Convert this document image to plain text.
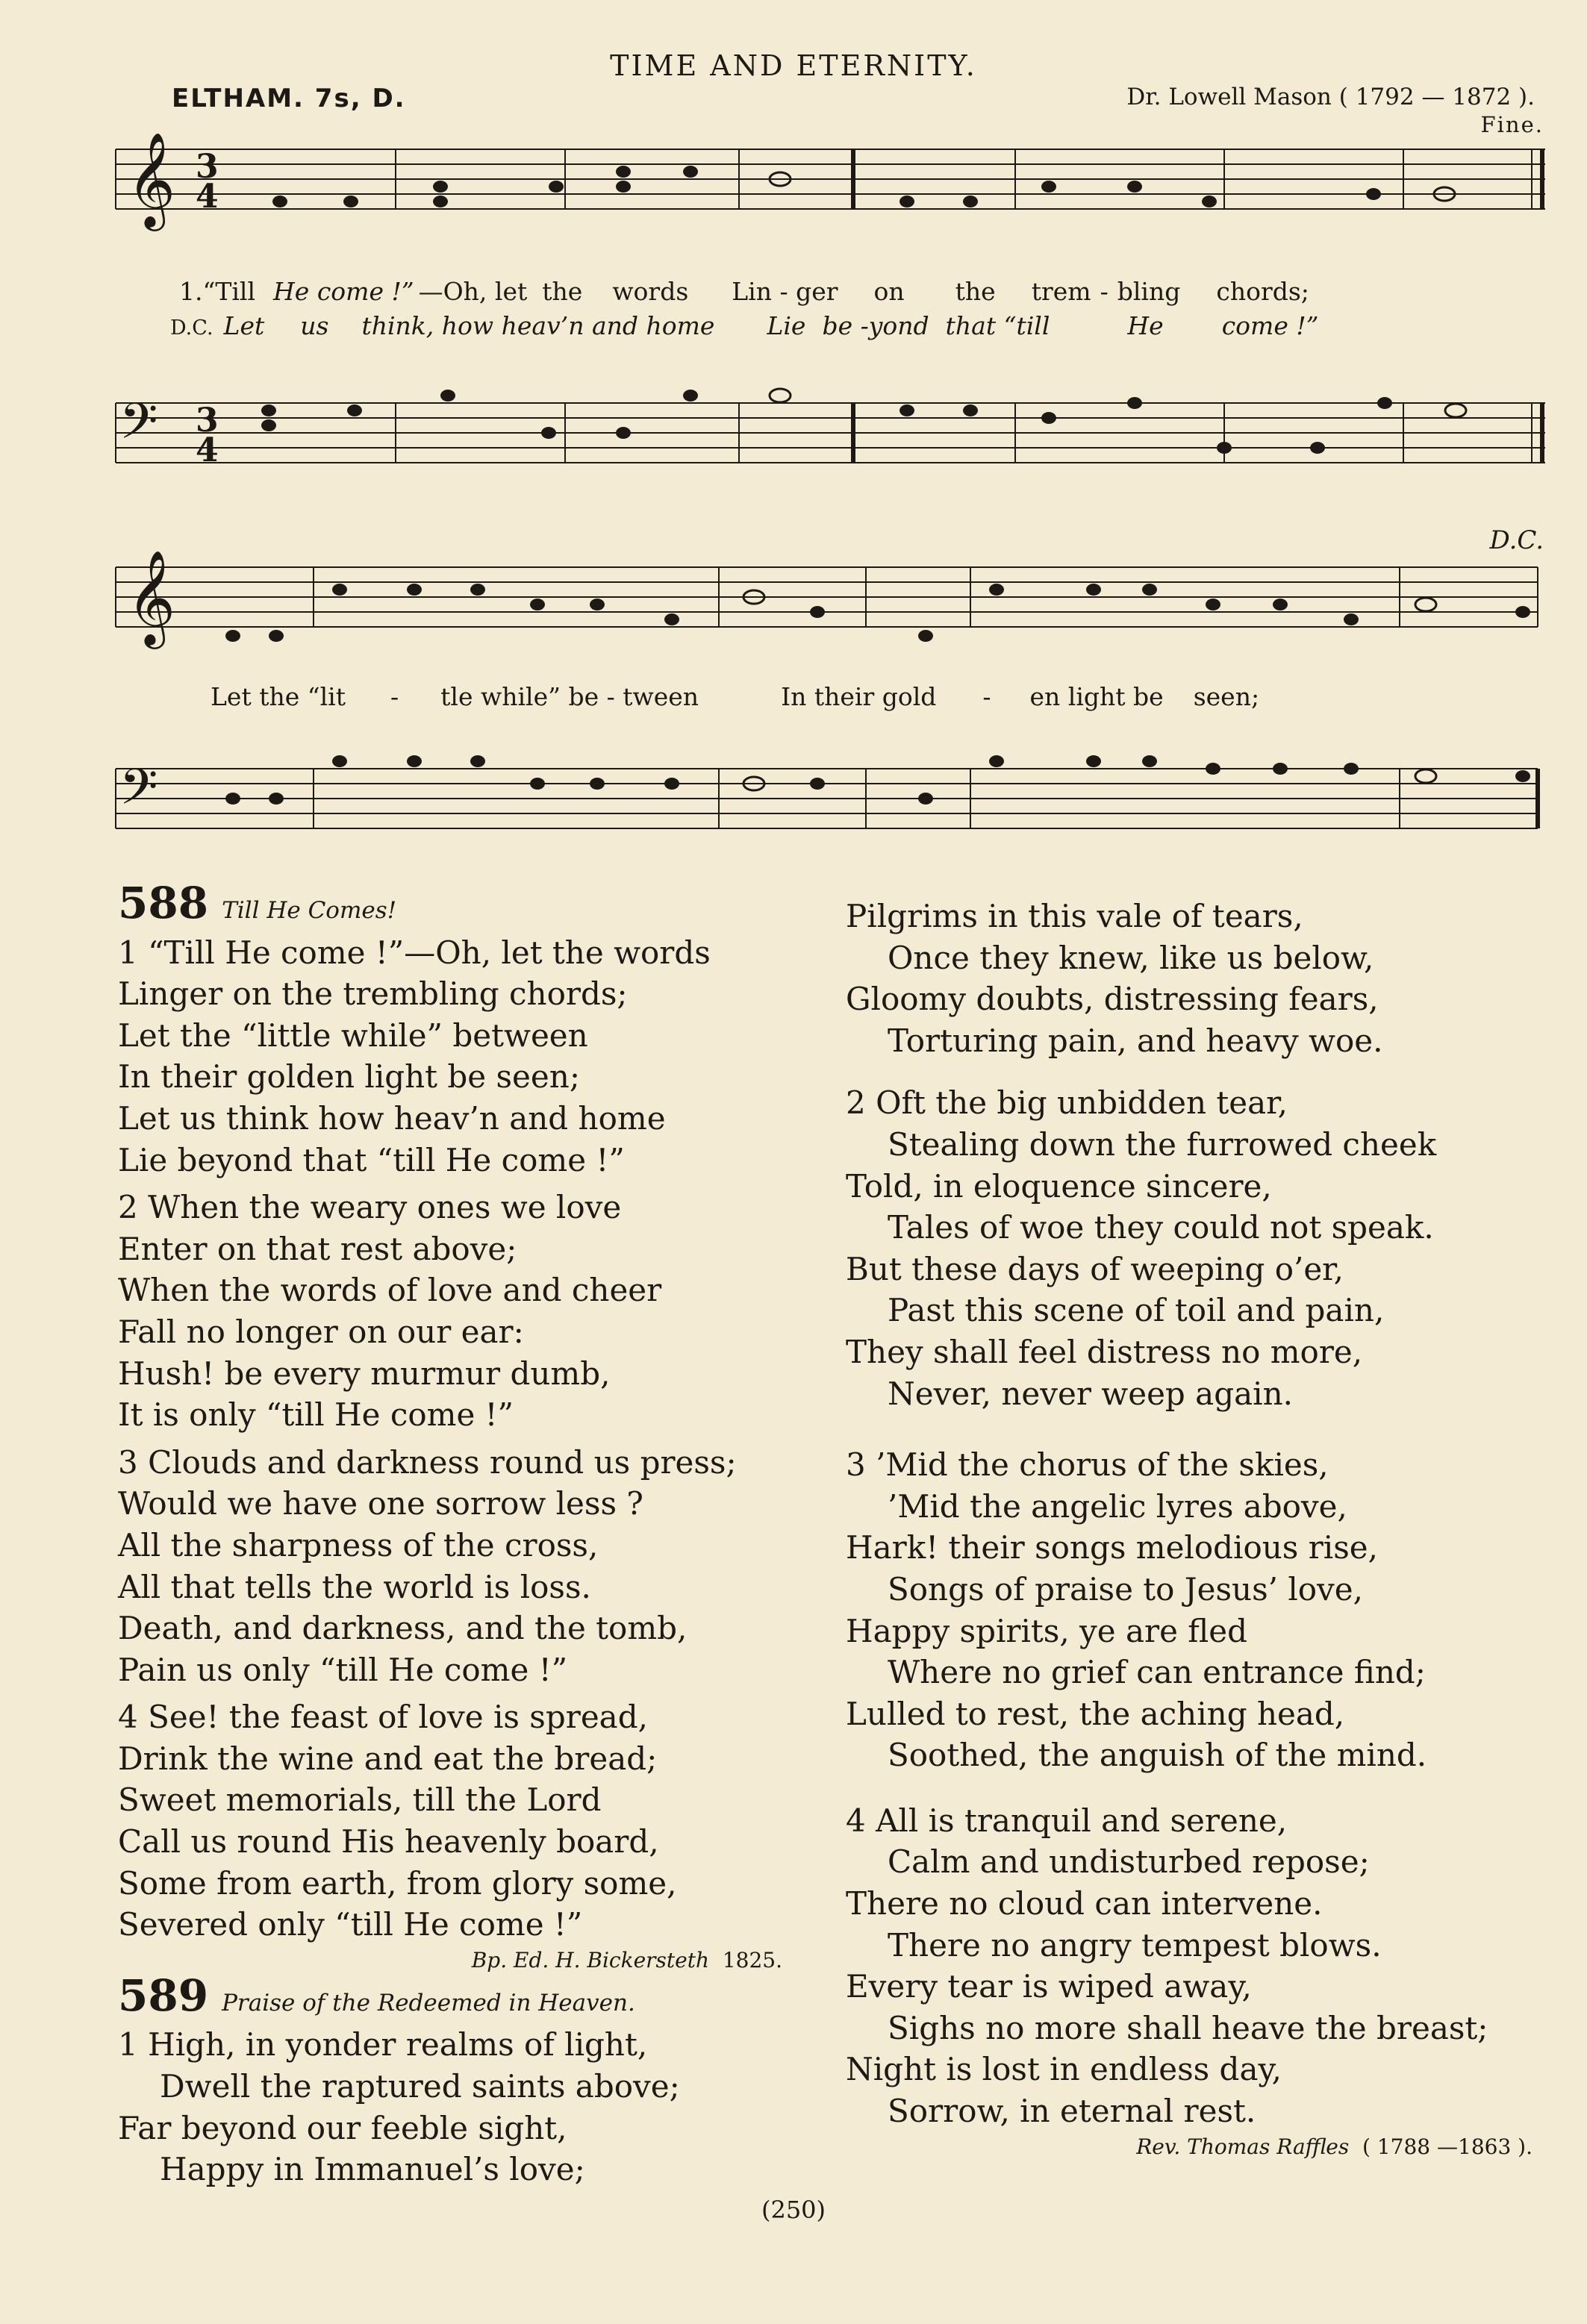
TIME AND ETERNITY.
ELTHAM. 7s, D.	Dr. Lowell Mason ( 1792 — 1872 ).
Fine.
D.C.
𝄞 3
4
1.“Till He come !” —Oh, let the words Lin - ger on the trem - bling chords;
D.C. Let us think, how heav’n and home Lie be -yond that “till	He come !”
𝄢 3
4
𝄞
Let the “lit - tle while” be - tween	In their gold - en light be seen;
𝄢
588 Till He Comes!
1 “Till He come !”—Oh, let the words
Linger on the trembling chords;
Let the “little while” between
In their golden light be seen;
Let us think how heav’n and home
Lie beyond that “till He come !”
2 When the weary ones we love
Enter on that rest above;
When the words of love and cheer
Fall no longer on our ear:
Hush! be every murmur dumb,
It is only “till He come !”
3 Clouds and darkness round us press;
Would we have one sorrow less ?
All the sharpness of the cross,
All that tells the world is loss.
Death, and darkness, and the tomb,
Pain us only “till He come !”
4 See! the feast of love is spread,
Drink the wine and eat the bread;
Sweet memorials, till the Lord
Call us round His heavenly board,
Some from earth, from glory some,
Severed only “till He come !”
Bp. Ed. H. Bickersteth 1825.
589 Praise of the Redeemed in Heaven.
1 High, in yonder realms of light,
Dwell the raptured saints above;
Far beyond our feeble sight,
Happy in Immanuel’s love;
Pilgrims in this vale of tears,
Once they knew, like us below,
Gloomy doubts, distressing fears,
Torturing pain, and heavy woe.
2 Oft the big unbidden tear,
Stealing down the furrowed cheek
Told, in eloquence sincere,
Tales of woe they could not speak.
But these days of weeping o’er,
Past this scene of toil and pain,
They shall feel distress no more,
Never, never weep again.
3 ’Mid the chorus of the skies,
’Mid the angelic lyres above,
Hark! their songs melodious rise,
Songs of praise to Jesus’ love,
Happy spirits, ye are fled
Where no grief can entrance find;
Lulled to rest, the aching head,
Soothed, the anguish of the mind.
4 All is tranquil and serene,
Calm and undisturbed repose;
There no cloud can intervene.
There no angry tempest blows.
Every tear is wiped away,
Sighs no more shall heave the breast;
Night is lost in endless day,
Sorrow, in eternal rest.
Rev. Thomas Raffles ( 1788 —1863 ).
(250)
